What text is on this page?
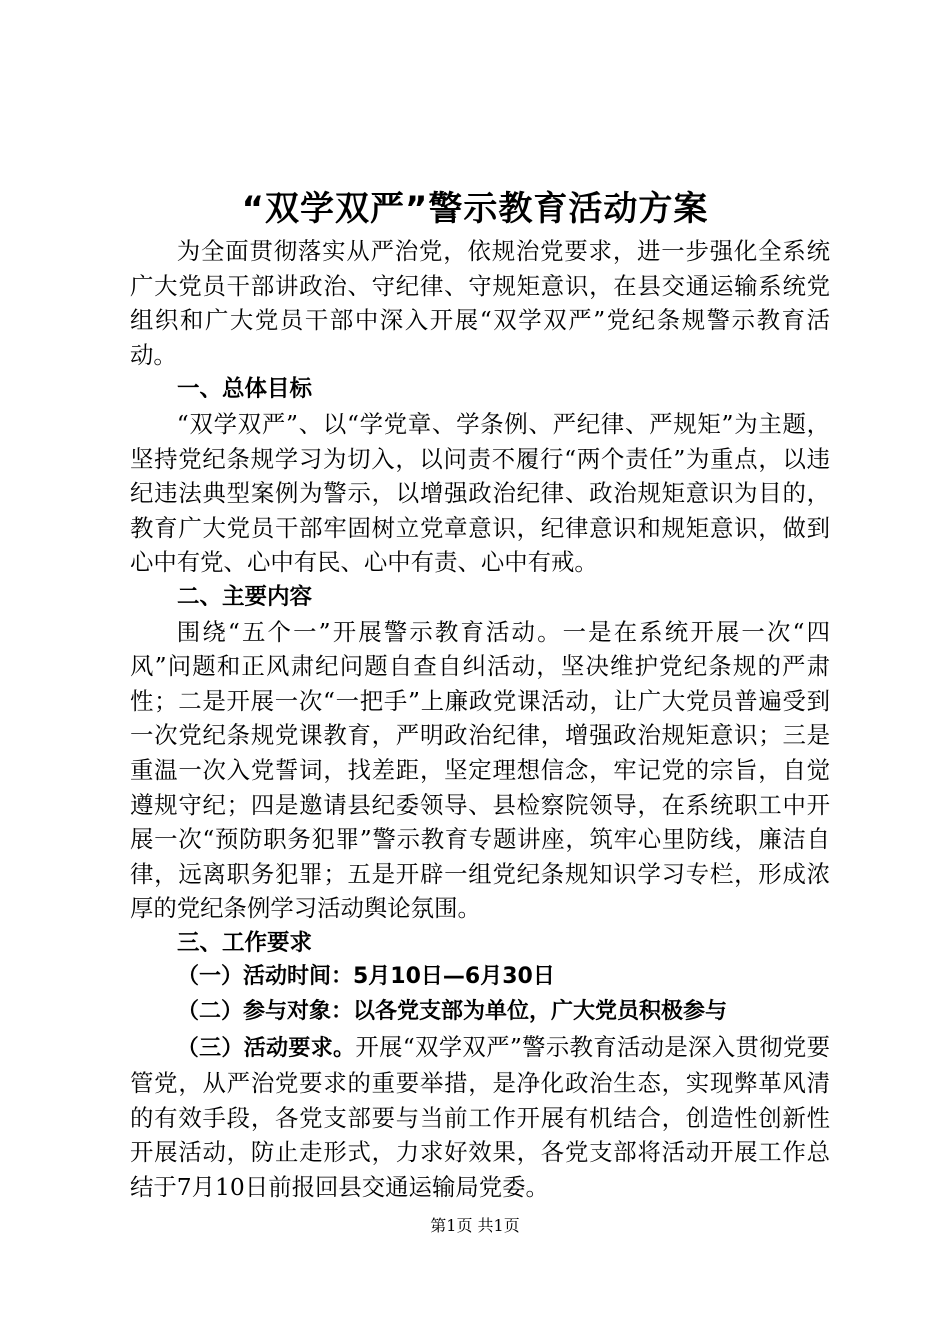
“双学双严”警示教育活动方案

为全面贯彻落实从严治党，依规治党要求，进一步强化全系统广大党员干部讲政治、守纪律、守规矩意识，在县交通运输系统党组织和广大党员干部中深入开展“双学双严”党纪条规警示教育活动。

一、总体目标

“双学双严”、以“学党章、学条例、严纪律、严规矩”为主题，坚持党纪条规学习为切入，以问责不履行“两个责任”为重点，以违纪违法典型案例为警示，以增强政治纪律、政治规矩意识为目的，教育广大党员干部牢固树立党章意识，纪律意识和规矩意识，做到心中有党、心中有民、心中有责、心中有戒。

二、主要内容

围绕“五个一”开展警示教育活动。一是在系统开展一次“四风”问题和正风肃纪问题自查自纠活动，坚决维护党纪条规的严肃性；二是开展一次“一把手”上廉政党课活动，让广大党员普遍受到一次党纪条规党课教育，严明政治纪律，增强政治规矩意识；三是重温一次入党誓词，找差距，坚定理想信念，牢记党的宗旨，自觉遵规守纪；四是邀请县纪委领导、县检察院领导，在系统职工中开展一次“预防职务犯罪”警示教育专题讲座，筑牢心里防线，廉洁自律，远离职务犯罪；五是开辟一组党纪条规知识学习专栏，形成浓厚的党纪条例学习活动舆论氛围。

三、工作要求

（一）活动时间：5月10日—6月30日

（二）参与对象：以各党支部为单位，广大党员积极参与

（三）活动要求。开展“双学双严”警示教育活动是深入贯彻党要管党，从严治党要求的重要举措，是净化政治生态，实现弊革风清的有效手段，各党支部要与当前工作开展有机结合，创造性创新性开展活动，防止走形式，力求好效果，各党支部将活动开展工作总结于7月10日前报回县交通运输局党委。

第1页 共1页
